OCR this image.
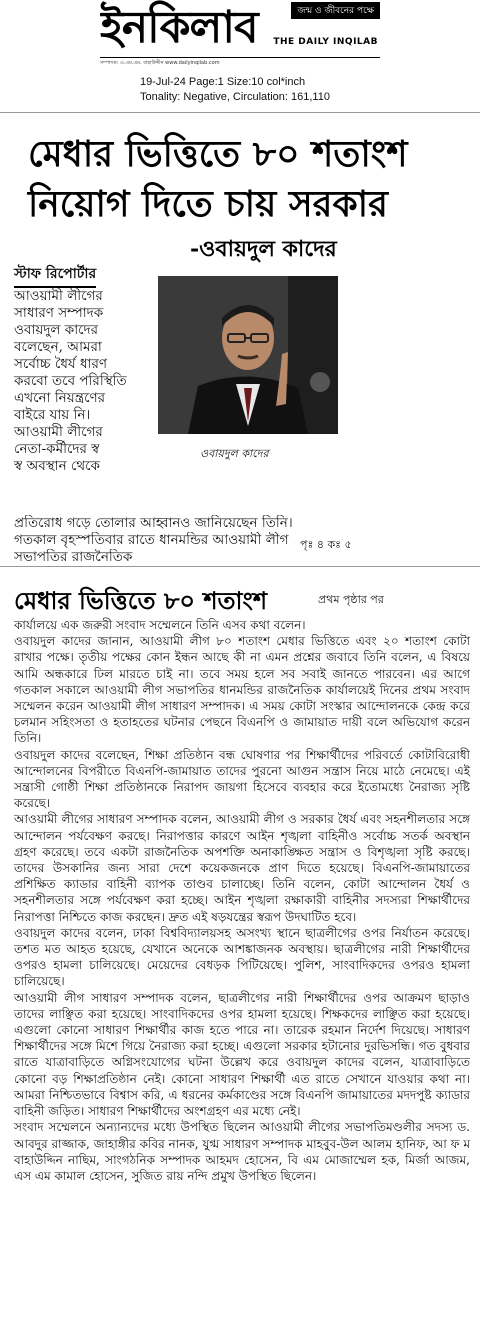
ইনকিলাব	জন্ম ও জীবনের পক্ষে
THE DAILY INQILAB
সম্পাদক: এ.এম.এম. বাহাউদ্দীন www.dailyinqilab.com
19-Jul-24 Page:1 Size:10 col*inch
Tonality: Negative, Circulation: 161,110
মেধার ভিত্তিতে ৮০ শতাংশ
নিয়োগ দিতে চায় সরকার
-ওবায়দুল কাদের
স্টাফ রিপোর্টার
আওয়ামী লীগের
সাধারণ সম্পাদক
ওবায়দুল কাদের
বলেছেন, আমরা
সর্বোচ্চ ধৈর্য ধারণ
করবো তবে পরিস্থিতি
এখনো নিয়ন্ত্রণের
বাইরে যায় নি।
আওয়ামী লীগের
নেতা-কর্মীদের স্ব
স্ব অবস্থান থেকে
ওবায়দুল কাদের
প্রতিরোধ গড়ে তোলার আহ্বানও জানিয়েছেন তিনি।
গতকাল বৃহস্পতিবার রাতে ধানমন্ডির আওয়ামী লীগ
সভাপতির রাজনৈতিক
পৃঃ ৪ কঃ ৫
মেধার ভিত্তিতে ৮০ শতাংশ	প্রথম পৃষ্ঠার পর

কার্যালয়ে এক জরুরী সংবাদ সম্মেলনে তিনি এসব কথা বলেন।

ওবায়দুল কাদের জানান, আওয়ামী লীগ ৮০ শতাংশ মেধার ভিত্তিতে এবং ২০ শতাংশ কোটা রাখার পক্ষে। তৃতীয় পক্ষের কোন ইন্ধন আছে কী না এমন প্রশ্নের জবাবে তিনি বলেন, এ বিষয়ে আমি অন্ধকারে ঢিল মারতে চাই না। তবে সময় হলে সব সবাই জানতে পারবেন। এর আগে গতকাল সকালে আওয়ামী লীগ সভাপতির ধানমন্ডির রাজনৈতিক কার্যালয়েই দিনের প্রথম সংবাদ সম্মেলন করেন আওয়ামী লীগ সাধারণ সম্পাদক। এ সময় কোটা সংস্কার আন্দোলনকে কেন্দ্র করে চলমান সহিংসতা ও হতাহতের ঘটনার পেছনে বিএনপি ও জামায়াত দায়ী বলে অভিযোগ করেন তিনি।

ওবায়দুল কাদের বলেছেন, শিক্ষা প্রতিষ্ঠান বন্ধ ঘোষণার পর শিক্ষার্থীদের পরিবর্তে কোটাবিরোধী আন্দোলনের বিপরীতে বিএনপি-জামায়াত তাদের পুরনো আগুন সন্ত্রাস নিয়ে মাঠে নেমেছে। এই সন্ত্রাসী গোষ্ঠী শিক্ষা প্রতিষ্ঠানকে নিরাপদ জায়গা হিসেবে ব্যবহার করে ইতোমধ্যে নৈরাজ্য সৃষ্টি করেছে।

আওয়ামী লীগের সাধারণ সম্পাদক বলেন, আওয়ামী লীগ ও সরকার ধৈর্য এবং সহনশীলতার সঙ্গে আন্দোলন পর্যবেক্ষণ করছে। নিরাপত্তার কারণে আইন শৃঙ্খলা বাহিনীও সর্বোচ্চ সতর্ক অবস্থান গ্রহণ করেছে। তবে একটা রাজনৈতিক অপশক্তি অনাকাঙ্ক্ষিত সন্ত্রাস ও বিশৃঙ্খলা সৃষ্টি করছে। তাদের উসকানির জন্য সারা দেশে কয়েকজনকে প্রাণ দিতে হয়েছে। বিএনপি-জামায়াতের প্রশিক্ষিত ক্যাডার বাহিনী ব্যাপক তাণ্ডব চালাচ্ছে। তিনি বলেন, কোটা আন্দোলন ধৈর্য ও সহনশীলতার সঙ্গে পর্যবেক্ষণ করা হচ্ছে। আইন শৃঙ্খলা রক্ষাকারী বাহিনীর সদস্যরা শিক্ষার্থীদের নিরাপত্তা নিশ্চিতে কাজ করছেন। দ্রুত এই ষড়যন্ত্রের স্বরূপ উদঘাটিত হবে।

ওবায়দুল কাদের বলেন, ঢাকা বিশ্ববিদ্যালয়সহ অসংখ্য স্থানে ছাত্রলীগের ওপর নির্যাতন করেছে। তশত মত আহত হয়েছে, যেখানে অনেকে আশঙ্কাজনক অবস্থায়। ছাত্রলীগের নারী শিক্ষার্থীদের ওপরও হামলা চালিয়েছে। মেয়েদের বেধড়ক পিটিয়েছে। পুলিশ, সাংবাদিকদের ওপরও হামলা চালিয়েছে।

আওয়ামী লীগ সাধারণ সম্পাদক বলেন, ছাত্রলীগের নারী শিক্ষার্থীদের ওপর আক্রমণ ছাড়াও তাদের লাঞ্ছিত করা হয়েছে। সাংবাদিকদের ওপর হামলা হয়েছে। শিক্ষকদের লাঞ্ছিত করা হয়েছে। এগুলো কোনো সাধারণ শিক্ষার্থীর কাজ হতে পারে না। তারেক রহমান নির্দেশ দিয়েছে। সাধারণ শিক্ষার্থীদের সঙ্গে মিশে গিয়ে নৈরাজ্য করা হচ্ছে। এগুলো সরকার হটানোর দুরভিসন্ধি। গত বুধবার রাতে যাত্রাবাড়িতে অগ্নিসংযোগের ঘটনা উল্লেখ করে ওবায়দুল কাদের বলেন, যাত্রাবাড়িতে কোনো বড় শিক্ষাপ্রতিষ্ঠান নেই। কোনো সাধারণ শিক্ষার্থী এত রাতে সেখানে যাওয়ার কথা না। আমরা নিশ্চিতভাবে বিশ্বাস করি, এ ধরনের কর্মকাণ্ডের সঙ্গে বিএনপি জামায়াতের মদদপুষ্ট ক্যাডার বাহিনী জড়িত। সাধারণ শিক্ষার্থীদের অংশগ্রহণ এর মধ্যে নেই।

সংবাদ সম্মেলনে অন্যান্যদের মধ্যে উপস্থিত ছিলেন আওয়ামী লীগের সভাপতিমণ্ডলীর সদস্য ড. আবদুর রাজ্জাক, জাহাঙ্গীর কবির নানক, যুগ্ম সাধারণ সম্পাদক মাহবুব-উল আলম হানিফ, আ ফ ম বাহাউদ্দিন নাছিম, সাংগঠনিক সম্পাদক আহমদ হোসেন, বি এম মোজাম্মেল হক, মির্জা আজম, এস এম কামাল হোসেন, সুজিত রায় নন্দি প্রমুখ উপস্থিত ছিলেন।
